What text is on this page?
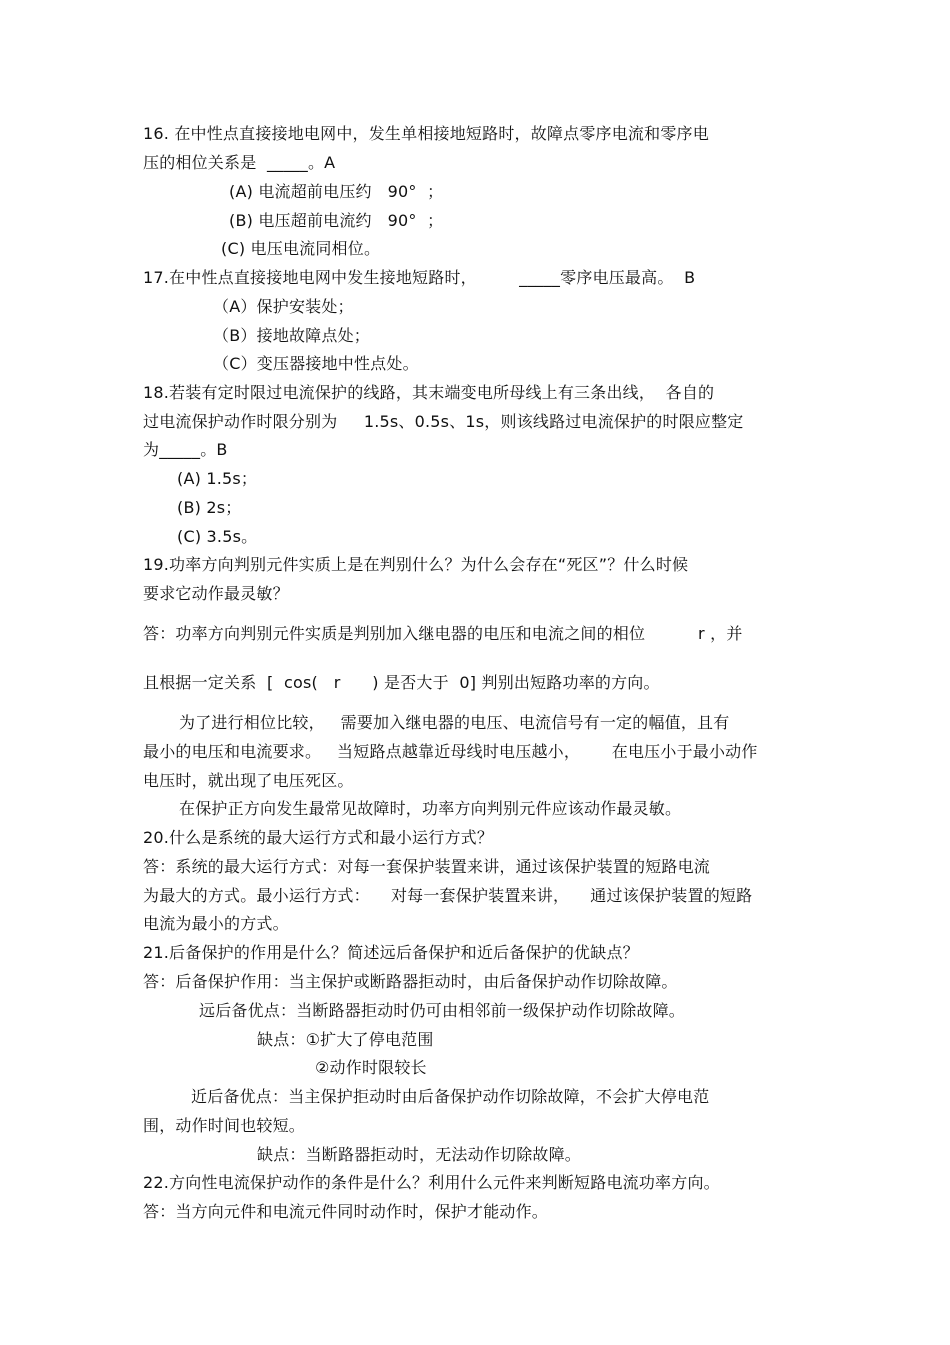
16. 在中性点直接接地电网中，发生单相接地短路时，故障点零序电流和零序电
压的相位关系是  _____。A
(A) 电流超前电压约   90°  ；
(B) 电压超前电流约   90°  ；
(C) 电压电流同相位。
17.在中性点直接接地电网中发生接地短路时，        _____零序电压最高。  B
（A）保护安装处；
（B）接地故障点处；
（C）变压器接地中性点处。
18.若装有定时限过电流保护的线路，其末端变电所母线上有三条出线，  各自的
过电流保护动作时限分别为     1.5s、0.5s、1s，则该线路过电流保护的时限应整定
为_____。B
(A) 1.5s；
(B) 2s；
(C) 3.5s。
19.功率方向判别元件实质上是在判别什么？为什么会存在“死区”？什么时候
要求它动作最灵敏？
答：功率方向判别元件实质是判别加入继电器的电压和电流之间的相位          r ，并
且根据一定关系  [  cos(   r      ) 是否大于  0] 判别出短路功率的方向。
为了进行相位比较，   需要加入继电器的电压、电流信号有一定的幅值，且有
最小的电压和电流要求。   当短路点越靠近母线时电压越小，      在电压小于最小动作
电压时，就出现了电压死区。
在保护正方向发生最常见故障时，功率方向判别元件应该动作最灵敏。
20.什么是系统的最大运行方式和最小运行方式？
答：系统的最大运行方式：对每一套保护装置来讲，通过该保护装置的短路电流
为最大的方式。最小运行方式：    对每一套保护装置来讲，    通过该保护装置的短路
电流为最小的方式。
21.后备保护的作用是什么？简述远后备保护和近后备保护的优缺点？
答：后备保护作用：当主保护或断路器拒动时，由后备保护动作切除故障。
远后备优点：当断路器拒动时仍可由相邻前一级保护动作切除故障。
缺点：①扩大了停电范围
②动作时限较长
近后备优点：当主保护拒动时由后备保护动作切除故障，不会扩大停电范
围，动作时间也较短。
缺点：当断路器拒动时，无法动作切除故障。
22.方向性电流保护动作的条件是什么？利用什么元件来判断短路电流功率方向。
答：当方向元件和电流元件同时动作时，保护才能动作。
